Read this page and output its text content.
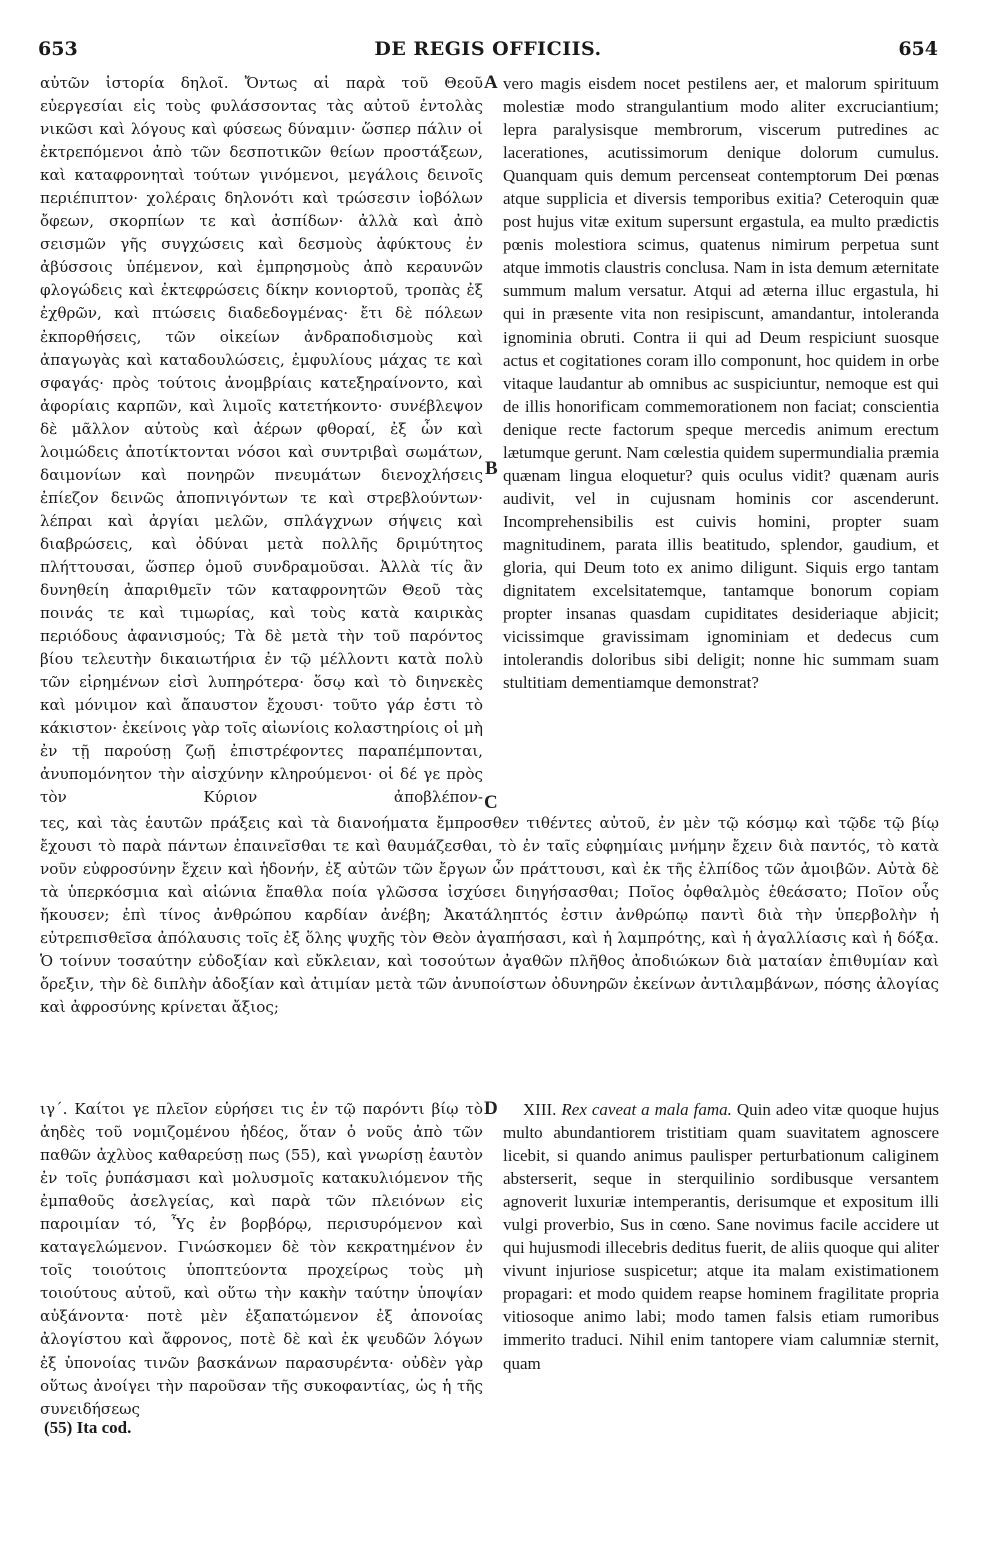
653	DE REGIS OFFICIIS.	654
αὐτῶν ἱστορία δηλοῖ. Ὄντως αἱ παρὰ τοῦ Θεοῦ εὐεργεσίαι εἰς τοὺς φυλάσσοντας τὰς αὐτοῦ ἐντολὰς νικῶσι καὶ λόγους καὶ φύσεως δύναμιν· ὥσπερ πάλιν οἱ ἐκτρεπόμενοι ἀπὸ τῶν δεσποτικῶν θείων προστάξεων, καὶ καταφρονηταὶ τούτων γινόμενοι, μεγάλοις δεινοῖς περιέπιπτον· χολέραις δηλονότι καὶ τρώσεσιν ἰοβόλων ὄφεων, σκορπίων τε καὶ ἀσπίδων· ἀλλὰ καὶ ἀπὸ σεισμῶν γῆς συγχώσεις καὶ δεσμοὺς ἀφύκτους ἐν ἀβύσσοις ὑπέμενον, καὶ ἐμπρησμοὺς ἀπὸ κεραυνῶν φλογώδεις καὶ ἐκτεφρώσεις δίκην κονιορτοῦ, τροπὰς ἐξ ἐχθρῶν, καὶ πτώσεις διαδεδογμένας· ἔτι δὲ πόλεων ἐκπορθήσεις, τῶν οἰκείων ἀνδραποδισμοὺς καὶ ἀπαγωγὰς καὶ καταδουλώσεις, ἐμφυλίους μάχας τε καὶ σφαγάς· πρὸς τούτοις ἀνομβρίαις κατεξηραίνοντο, καὶ ἀφορίαις καρπῶν, καὶ λιμοῖς κατετήκοντο· συνέβλεψον δὲ μᾶλλον αὐτοὺς καὶ ἀέρων φθοραί, ἐξ ὧν καὶ λοιμώδεις ἀποτίκτονται νόσοι καὶ συντριβαὶ σωμάτων, δαιμονίων καὶ πονηρῶν πνευμάτων διενοχλήσεις ἐπίεζον δεινῶς ἀποπνιγόντων τε καὶ στρεβλούντων· λέπραι καὶ ἀργίαι μελῶν, σπλάγχνων σήψεις καὶ διαβρώσεις, καὶ ὀδύναι μετὰ πολλῆς δριμύτητος πλήττουσαι, ὥσπερ ὁμοῦ συνδραμοῦσαι. Ἀλλὰ τίς ἂν δυνηθείη ἀπαριθμεῖν τῶν καταφρονητῶν Θεοῦ τὰς ποινάς τε καὶ τιμωρίας, καὶ τοὺς κατὰ καιρικὰς περιόδους ἀφανισμούς; Τὰ δὲ μετὰ τὴν τοῦ παρόντος βίου τελευτὴν δικαιωτήρια ἐν τῷ μέλλοντι κατὰ πολὺ τῶν εἰρημένων εἰσὶ λυπηρότερα· ὅσῳ καὶ τὸ διηνεκὲς καὶ μόνιμον καὶ ἄπαυστον ἔχουσι· τοῦτο γάρ ἐστι τὸ κάκιστον· ἐκείνοις γὰρ τοῖς αἰωνίοις κολαστηρίοις οἱ μὴ ἐν τῇ παρούσῃ ζωῇ ἐπιστρέφοντες παραπέμπονται, ἀνυπομόνητον τὴν αἰσχύνην κληρούμενοι· οἱ δέ γε πρὸς τὸν Κύριον ἀποβλέπον-
vero magis eisdem nocet pestilens aer, et malorum spirituum molestiæ modo strangulantium modo aliter excruciantium; lepra paralysisque membrorum, viscerum putredines ac lacerationes, acutissimorum denique dolorum cumulus. Quanquam quis demum percenseat contemptorum Dei pœnas atque supplicia et diversis temporibus exitia? Ceteroquin quæ post hujus vitæ exitum supersunt ergastula, ea multo prædictis pœnis molestiora scimus, quatenus nimirum perpetua sunt atque immotis claustris conclusa. Nam in ista demum æternitate summum malum versatur. Atqui ad æterna illuc ergastula, hi qui in præsente vita non resipiscunt, amandantur, intoleranda ignominia obruti. Contra ii qui ad Deum respiciunt suosque actus et cogitationes coram illo componunt, hoc quidem in orbe vitaque laudantur ab omnibus ac suspiciuntur, nemoque est qui de illis honorificam commemorationem non faciat; conscientia denique recte factorum speque mercedis animum erectum lætumque gerunt. Nam cœlestia quidem supermundialia præmia quænam lingua eloquetur? quis oculus vidit? quænam auris audivit, vel in cujusnam hominis cor ascenderunt. Incomprehensibilis est cuivis homini, propter suam magnitudinem, parata illis beatitudo, splendor, gaudium, et gloria, qui Deum toto ex animo diligunt. Siquis ergo tantam dignitatem excelsitatemque, tantamque bonorum copiam propter insanas quasdam cupiditates desideriaque abjicit; vicissimque gravissimam ignominiam et dedecus cum intolerandis doloribus sibi deligit; nonne hic summam suam stultitiam dementiamque demonstrat?
A
B
C
D
τες, καὶ τὰς ἑαυτῶν πράξεις καὶ τὰ διανοήματα ἔμπροσθεν τιθέντες αὐτοῦ, ἐν μὲν τῷ κόσμῳ καὶ τῷδε τῷ βίῳ ἔχουσι τὸ παρὰ πάντων ἐπαινεῖσθαι τε καὶ θαυμάζεσθαι, τὸ ἐν ταῖς εὐφημίαις μνήμην ἔχειν διὰ παντός, τὸ κατὰ νοῦν εὐφροσύνην ἔχειν καὶ ἡδονήν, ἐξ αὐτῶν τῶν ἔργων ὧν πράττουσι, καὶ ἐκ τῆς ἐλπίδος τῶν ἀμοιβῶν. Αὐτὰ δὲ τὰ ὑπερκόσμια καὶ αἰώνια ἔπαθλα ποία γλῶσσα ἰσχύσει διηγήσασθαι; Ποῖος ὀφθαλμὸς ἐθεάσατο; Ποῖον οὖς ἤκουσεν; ἐπὶ τίνος ἀνθρώπου καρδίαν ἀνέβη; Ἀκατάληπτός ἐστιν ἀνθρώπῳ παντὶ διὰ τὴν ὑπερβολὴν ἡ εὐτρεπισθεῖσα ἀπόλαυσις τοῖς ἐξ ὅλης ψυχῆς τὸν Θεὸν ἀγαπήσασι, καὶ ἡ λαμπρότης, καὶ ἡ ἀγαλλίασις καὶ ἡ δόξα. Ὁ τοίνυν τοσαύτην εὐδοξίαν καὶ εὔκλειαν, καὶ τοσούτων ἀγαθῶν πλῆθος ἀποδιώκων διὰ ματαίαν ἐπιθυμίαν καὶ ὄρεξιν, τὴν δὲ διπλὴν ἀδοξίαν καὶ ἀτιμίαν μετὰ τῶν ἀνυποίστων ὀδυνηρῶν ἐκείνων ἀντιλαμβάνων, πόσης ἀλογίας καὶ ἀφροσύνης κρίνεται ἄξιος;
ιγ΄. Καίτοι γε πλεῖον εὑρήσει τις ἐν τῷ παρόντι βίῳ τὸ ἀηδὲς τοῦ νομιζομένου ἡδέος, ὅταν ὁ νοῦς ἀπὸ τῶν παθῶν ἀχλὺος καθαρεύσῃ πως (55), καὶ γνωρίσῃ ἑαυτὸν ἐν τοῖς ῥυπάσμασι καὶ μολυσμοῖς κατακυλιόμενον τῆς ἐμπαθοῦς ἀσελγείας, καὶ παρὰ τῶν πλειόνων εἰς παροιμίαν τό, Ὗς ἐν βορβόρῳ, περισυρόμενον καὶ καταγελώμενον. Γινώσκομεν δὲ τὸν κεκρατημένον ἐν τοῖς τοιούτοις ὑποπτεύοντα προχείρως τοὺς μὴ τοιούτους αὐτοῦ, καὶ οὕτω τὴν κακὴν ταύτην ὑποψίαν αὐξάνοντα· ποτὲ μὲν ἐξαπατώμενον ἐξ ἀπονοίας ἀλογίστου καὶ ἄφρονος, ποτὲ δὲ καὶ ἐκ ψευδῶν λόγων ἐξ ὑπονοίας τινῶν βασκάνων παρασυρέντα· οὐδὲν γὰρ οὕτως ἀνοίγει τὴν παροῦσαν τῆς συκοφαντίας, ὡς ἡ τῆς συνειδήσεως
XIII. Rex caveat a mala fama. Quin adeo vitæ quoque hujus multo abundantiorem tristitiam quam suavitatem agnoscere licebit, si quando animus paulisper perturbationum caliginem absterserit, seque in sterquilinio sordibusque versantem agnoverit luxuriæ intemperantis, derisumque et expositum illi vulgi proverbio, Sus in cœno. Sane novimus facile accidere ut qui hujusmodi illecebris deditus fuerit, de aliis quoque qui aliter vivunt injuriose suspicetur; atque ita malam existimationem propagari: et modo quidem reapse hominem fragilitate propria vitiosoque animo labi; modo tamen falsis etiam rumoribus immerito traduci. Nihil enim tantopere viam calumniæ sternit, quam
(55) Ita cod.
